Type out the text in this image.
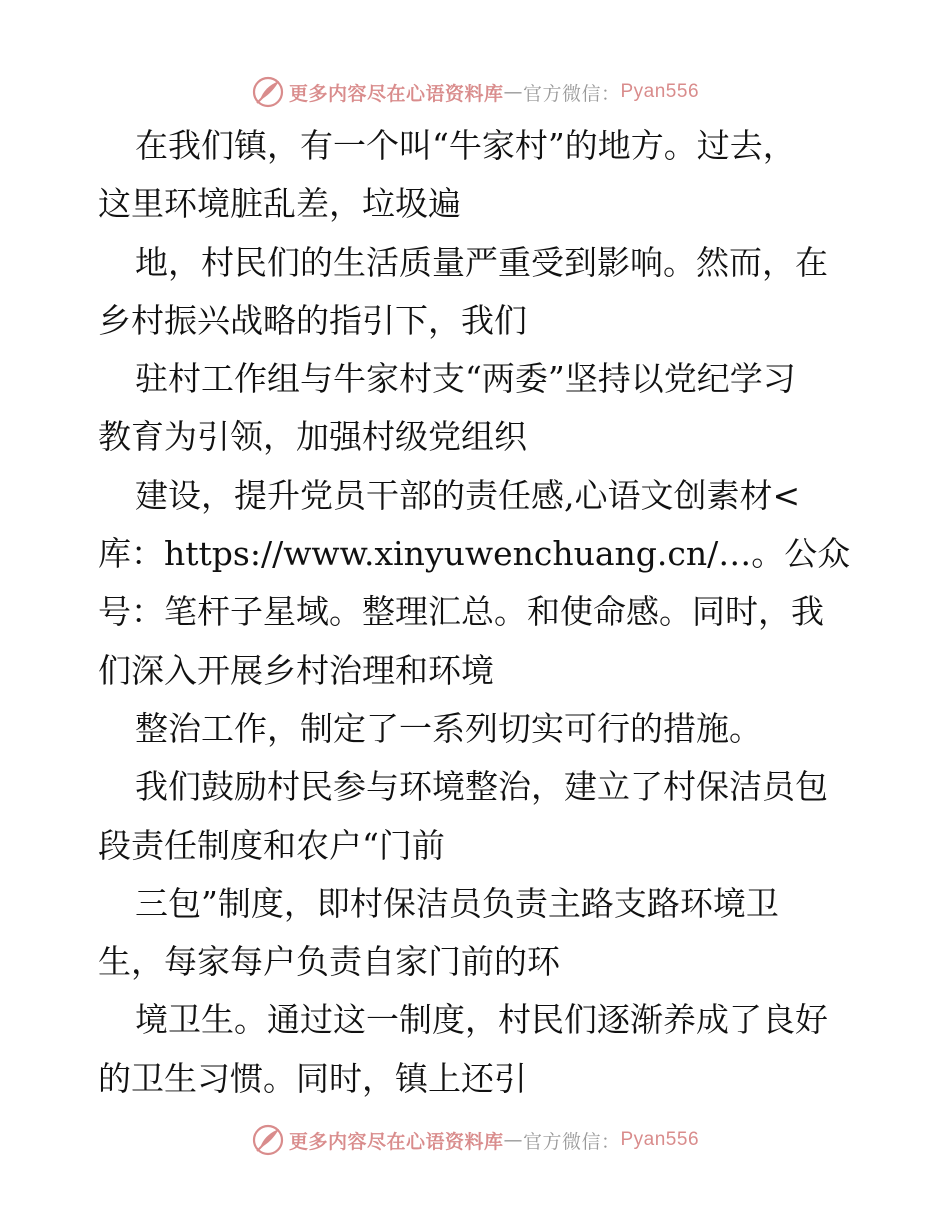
更多内容尽在心语资料库 — 官方微信： Pyan556
在我们镇，有一个叫“牛家村”的地方。过去，
这里环境脏乱差，垃圾遍
地，村民们的生活质量严重受到影响。然而，在
乡村振兴战略的指引下，我们
驻村工作组与牛家村支“两委”坚持以党纪学习
教育为引领，加强村级党组织
建设，提升党员干部的责任感,心语文创素材<
库：https://www.xinyuwenchuang.cn/…。公众
号：笔杆子星域。整理汇总。和使命感。同时，我
们深入开展乡村治理和环境
整治工作，制定了一系列切实可行的措施。
我们鼓励村民参与环境整治，建立了村保洁员包
段责任制度和农户“门前
三包”制度，即村保洁员负责主路支路环境卫
生，每家每户负责自家门前的环
境卫生。通过这一制度，村民们逐渐养成了良好
的卫生习惯。同时，镇上还引
更多内容尽在心语资料库 — 官方微信： Pyan556
